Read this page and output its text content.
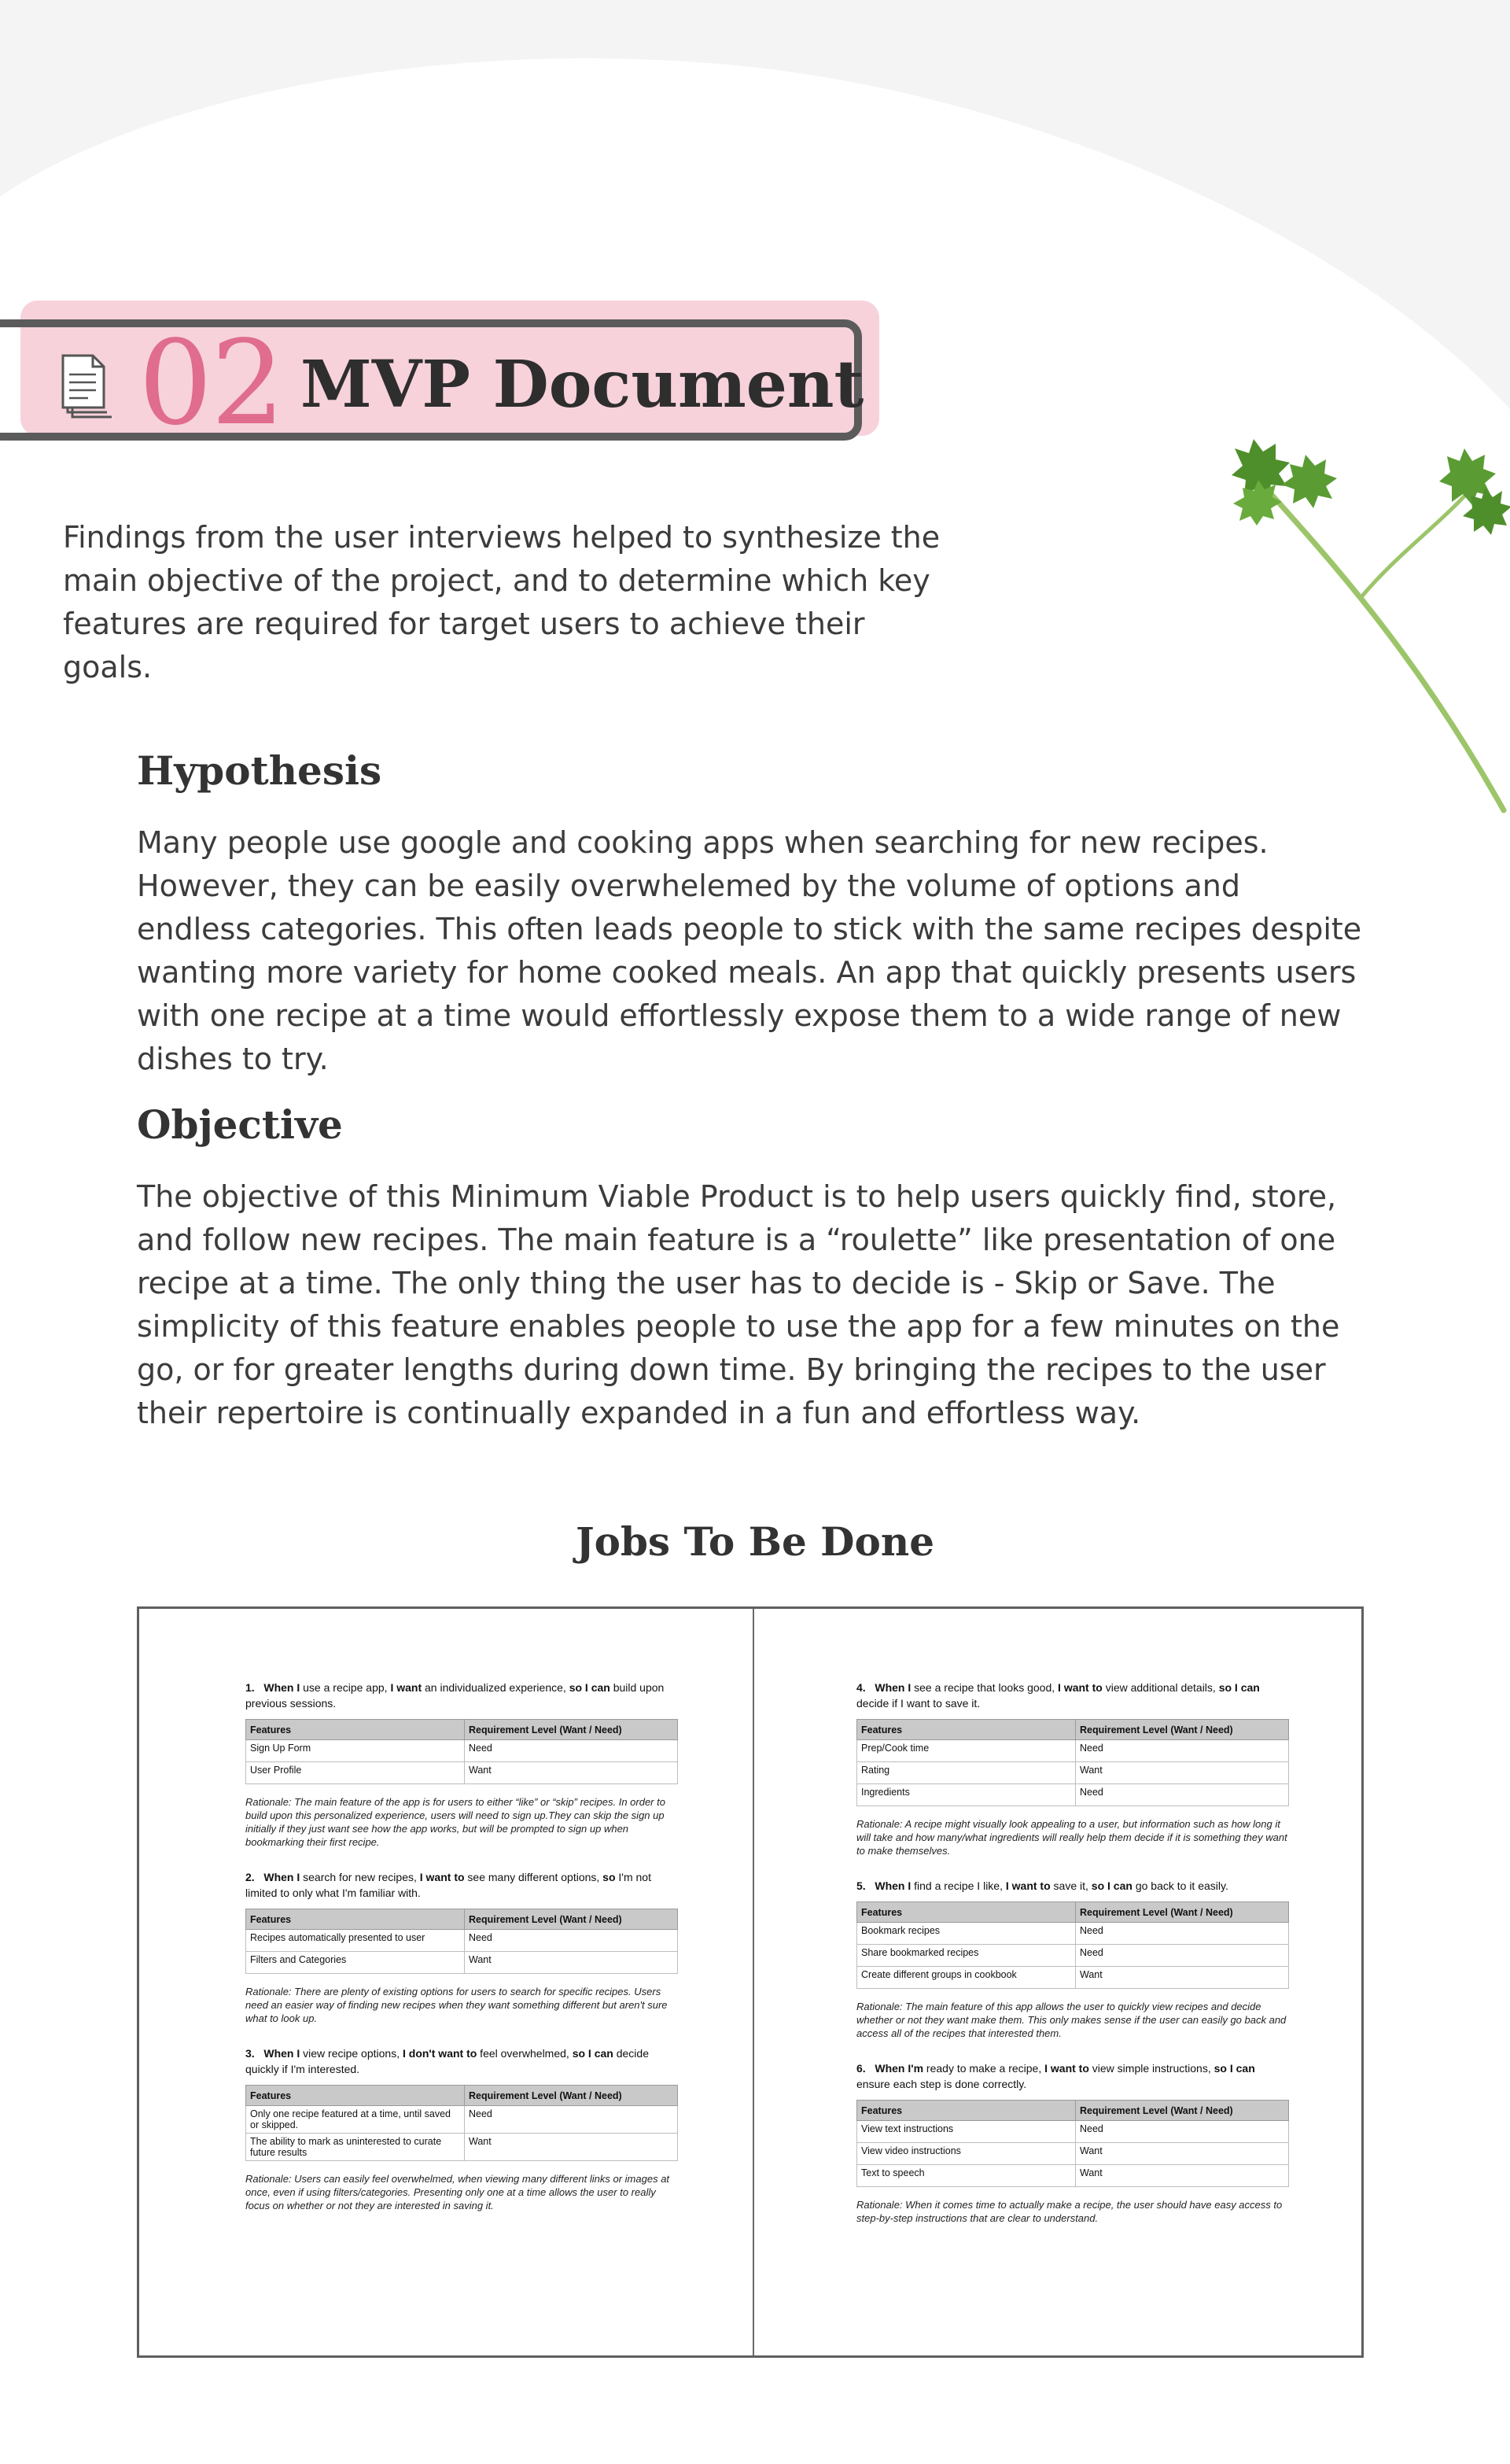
02 MVP Document
Findings from the user interviews helped to synthesize the main objective of the project, and to determine which key features are required for target users to achieve their goals.
Hypothesis
Many people use google and cooking apps when searching for new recipes. However, they can be easily overwhelemed by the volume of options and endless categories. This often leads people to stick with the same recipes despite wanting more variety for home cooked meals. An app that quickly presents users with one recipe at a time would effortlessly expose them to a wide range of new dishes to try.
Objective
The objective of this Minimum Viable Product is to help users quickly find, store, and follow new recipes. The main feature is a “roulette” like presentation of one recipe at a time. The only thing the user has to decide is - Skip or Save. The simplicity of this feature enables people to use the app for a few minutes on the go, or for greater lengths during down time. By bringing the recipes to the user their repertoire is continually expanded in a fun and effortless way.
Jobs To Be Done
1. When I use a recipe app, I want an individualized experience, so I can build upon previous sessions.
Features	Requirement Level (Want / Need)
Sign Up Form	Need
User Profile	Want
Rationale: The main feature of the app is for users to either “like” or “skip” recipes. In order to build upon this personalized experience, users will need to sign up.They can skip the sign up initially if they just want see how the app works, but will be prompted to sign up when bookmarking their first recipe.
2. When I search for new recipes, I want to see many different options, so I'm not limited to only what I'm familiar with.
Features	Requirement Level (Want / Need)
Recipes automatically presented to user	Need
Filters and Categories	Want
Rationale: There are plenty of existing options for users to search for specific recipes. Users need an easier way of finding new recipes when they want something different but aren't sure what to look up.
3. When I view recipe options, I don't want to feel overwhelmed, so I can decide quickly if I'm interested.
Features	Requirement Level (Want / Need)
Only one recipe featured at a time, until saved or skipped.	Need
The ability to mark as uninterested to curate future results	Want
Rationale: Users can easily feel overwhelmed, when viewing many different links or images at once, even if using filters/categories. Presenting only one at a time allows the user to really focus on whether or not they are interested in saving it.
4. When I see a recipe that looks good, I want to view additional details, so I can decide if I want to save it.
Features	Requirement Level (Want / Need)
Prep/Cook time	Need
Rating	Want
Ingredients	Need
Rationale: A recipe might visually look appealing to a user, but information such as how long it will take and how many/what ingredients will really help them decide if it is something they want to make themselves.
5. When I find a recipe I like, I want to save it, so I can go back to it easily.
Features	Requirement Level (Want / Need)
Bookmark recipes	Need
Share bookmarked recipes	Need
Create different groups in cookbook	Want
Rationale: The main feature of this app allows the user to quickly view recipes and decide whether or not they want make them. This only makes sense if the user can easily go back and access all of the recipes that interested them.
6. When I'm ready to make a recipe, I want to view simple instructions, so I can ensure each step is done correctly.
Features	Requirement Level (Want / Need)
View text instructions	Need
View video instructions	Want
Text to speech	Want
Rationale: When it comes time to actually make a recipe, the user should have easy access to step-by-step instructions that are clear to understand.
